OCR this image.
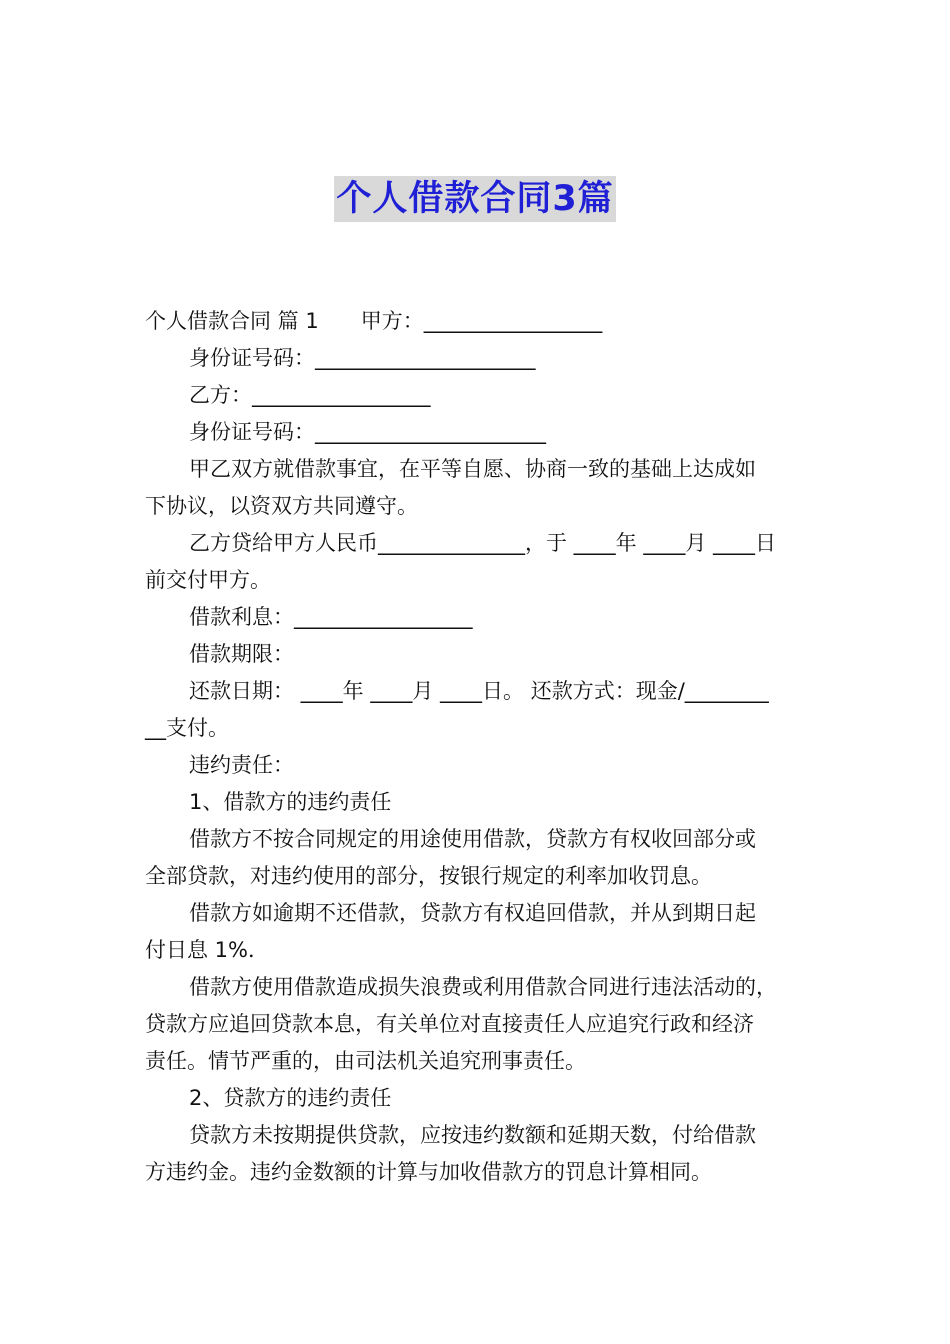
个人借款合同3篇
个人借款合同 篇 1 甲方：_________________
身份证号码：_____________________
乙方：_________________
身份证号码：______________________
甲乙双方就借款事宜，在平等自愿、协商一致的基础上达成如
下协议，以资双方共同遵守。
乙方贷给甲方人民币______________，于 ____年 ____月 ____日
前交付甲方。
借款利息：_________________
借款期限：
还款日期： ____年 ____月 ____日。 还款方式：现金/________
__支付。
违约责任：
1、借款方的违约责任
借款方不按合同规定的用途使用借款，贷款方有权收回部分或
全部贷款，对违约使用的部分，按银行规定的利率加收罚息。
借款方如逾期不还借款，贷款方有权追回借款，并从到期日起
付日息 1%．
借款方使用借款造成损失浪费或利用借款合同进行违法活动的，
贷款方应追回贷款本息，有关单位对直接责任人应追究行政和经济
责任。情节严重的，由司法机关追究刑事责任。
2、贷款方的违约责任
贷款方未按期提供贷款，应按违约数额和延期天数，付给借款
方违约金。违约金数额的计算与加收借款方的罚息计算相同。
